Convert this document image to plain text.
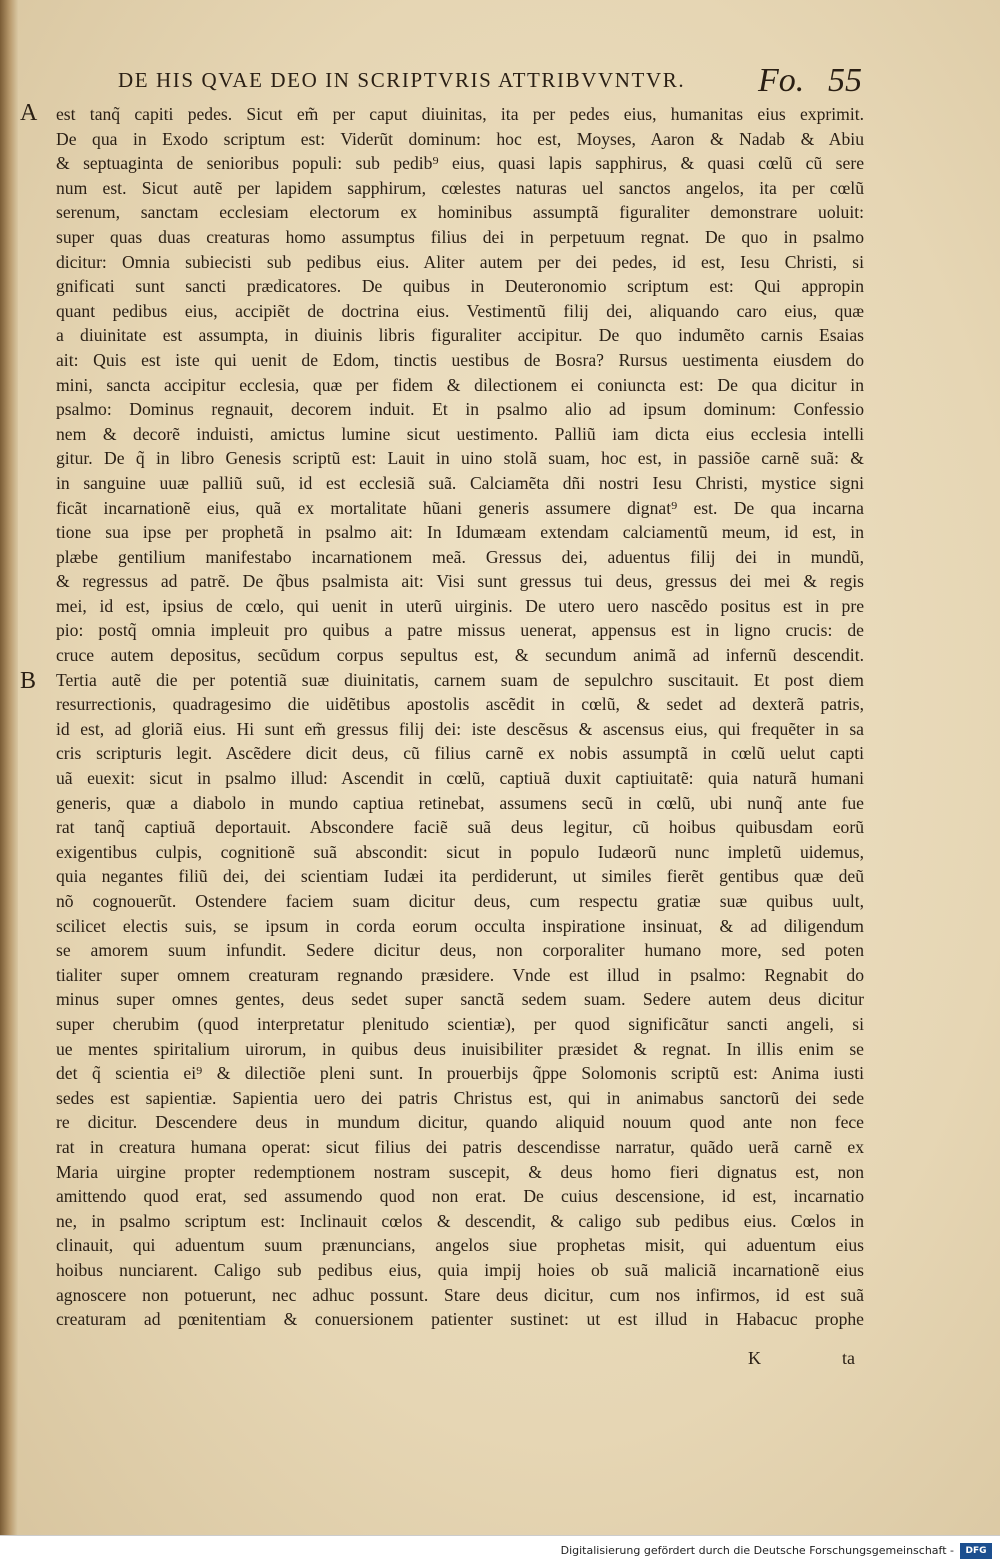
DE HIS QVAE DEO IN SCRIPTVRIS ATTRIBVVNTVR. Fo. 55
A
B
est tanq̃ capiti pedes. Sicut em̃ per caput diuinitas, ita per pedes eius, humanitas eius exprimit.
De qua in Exodo scriptum est: Viderũt dominum: hoc est, Moyses, Aaron & Nadab & Abiu
& septuaginta de senioribus populi: sub pedib⁹ eius, quasi lapis sapphirus, & quasi cœlũ cũ sere
num est. Sicut autẽ per lapidem sapphirum, cœlestes naturas uel sanctos angelos, ita per cœlũ
serenum, sanctam ecclesiam electorum ex hominibus assumptã figuraliter demonstrare uoluit:
super quas duas creaturas homo assumptus filius dei in perpetuum regnat. De quo in psalmo
dicitur: Omnia subiecisti sub pedibus eius. Aliter autem per dei pedes, id est, Iesu Christi, si
gnificati sunt sancti prædicatores. De quibus in Deuteronomio scriptum est: Qui appropin
quant pedibus eius, accipiẽt de doctrina eius. Vestimentũ filij dei, aliquando caro eius, quæ
a diuinitate est assumpta, in diuinis libris figuraliter accipitur. De quo indumẽto carnis Esaias
ait: Quis est iste qui uenit de Edom, tinctis uestibus de Bosra? Rursus uestimenta eiusdem do
mini, sancta accipitur ecclesia, quæ per fidem & dilectionem ei coniuncta est: De qua dicitur in
psalmo: Dominus regnauit, decorem induit. Et in psalmo alio ad ipsum dominum: Confessio
nem & decorẽ induisti, amictus lumine sicut uestimento. Palliũ iam dicta eius ecclesia intelli
gitur. De q̃ in libro Genesis scriptũ est: Lauit in uino stolã suam, hoc est, in passiõe carnẽ suã: &
in sanguine uuæ palliũ suũ, id est ecclesiã suã. Calciamẽta dñi nostri Iesu Christi, mystice signi
ficãt incarnationẽ eius, quã ex mortalitate hũani generis assumere dignat⁹ est. De qua incarna
tione sua ipse per prophetã in psalmo ait: In Idumæam extendam calciamentũ meum, id est, in
plæbe gentilium manifestabo incarnationem meã. Gressus dei, aduentus filij dei in mundũ,
& regressus ad patrẽ. De q̃bus psalmista ait: Visi sunt gressus tui deus, gressus dei mei & regis
mei, id est, ipsius de cœlo, qui uenit in uterũ uirginis. De utero uero nascẽdo positus est in pre
pio: postq̃ omnia impleuit pro quibus a patre missus uenerat, appensus est in ligno crucis: de
cruce autem depositus, secũdum corpus sepultus est, & secundum animã ad infernũ descendit.
Tertia autẽ die per potentiã suæ diuinitatis, carnem suam de sepulchro suscitauit. Et post diem
resurrectionis, quadragesimo die uidẽtibus apostolis ascẽdit in cœlũ, & sedet ad dexterã patris,
id est, ad gloriã eius. Hi sunt em̃ gressus filij dei: iste descẽsus & ascensus eius, qui frequẽter in sa
cris scripturis legit. Ascẽdere dicit deus, cũ filius carnẽ ex nobis assumptã in cœlũ uelut capti
uã euexit: sicut in psalmo illud: Ascendit in cœlũ, captiuã duxit captiuitatẽ: quia naturã humani
generis, quæ a diabolo in mundo captiua retinebat, assumens secũ in cœlũ, ubi nunq̃ ante fue
rat tanq̃ captiuã deportauit. Abscondere faciẽ suã deus legitur, cũ hoibus quibusdam eorũ
exigentibus culpis, cognitionẽ suã abscondit: sicut in populo Iudæorũ nunc impletũ uidemus,
quia negantes filiũ dei, dei scientiam Iudæi ita perdiderunt, ut similes fierẽt gentibus quæ deũ
nõ cognouerũt. Ostendere faciem suam dicitur deus, cum respectu gratiæ suæ quibus uult,
scilicet electis suis, se ipsum in corda eorum occulta inspiratione insinuat, & ad diligendum
se amorem suum infundit. Sedere dicitur deus, non corporaliter humano more, sed poten
tialiter super omnem creaturam regnando præsidere. Vnde est illud in psalmo: Regnabit do
minus super omnes gentes, deus sedet super sanctã sedem suam. Sedere autem deus dicitur
super cherubim (quod interpretatur plenitudo scientiæ), per quod significãtur sancti angeli, si
ue mentes spiritalium uirorum, in quibus deus inuisibiliter præsidet & regnat. In illis enim se
det q̃ scientia ei⁹ & dilectiõe pleni sunt. In prouerbijs q̃ppe Solomonis scriptũ est: Anima iusti
sedes est sapientiæ. Sapientia uero dei patris Christus est, qui in animabus sanctorũ dei sede
re dicitur. Descendere deus in mundum dicitur, quando aliquid nouum quod ante non fece
rat in creatura humana operat: sicut filius dei patris descendisse narratur, quãdo uerã carnẽ ex
Maria uirgine propter redemptionem nostram suscepit, & deus homo fieri dignatus est, non
amittendo quod erat, sed assumendo quod non erat. De cuius descensione, id est, incarnatio
ne, in psalmo scriptum est: Inclinauit cœlos & descendit, & caligo sub pedibus eius. Cœlos in
clinauit, qui aduentum suum prænuncians, angelos siue prophetas misit, qui aduentum eius
hoibus nunciarent. Caligo sub pedibus eius, quia impij hoies ob suã maliciã incarnationẽ eius
agnoscere non potuerunt, nec adhuc possunt. Stare deus dicitur, cum nos infirmos, id est suã
creaturam ad pœnitentiam & conuersionem patienter sustinet: ut est illud in Habacuc prophe
K	ta
Digitalisierung gefördert durch die Deutsche Forschungsgemeinschaft -	DFG
